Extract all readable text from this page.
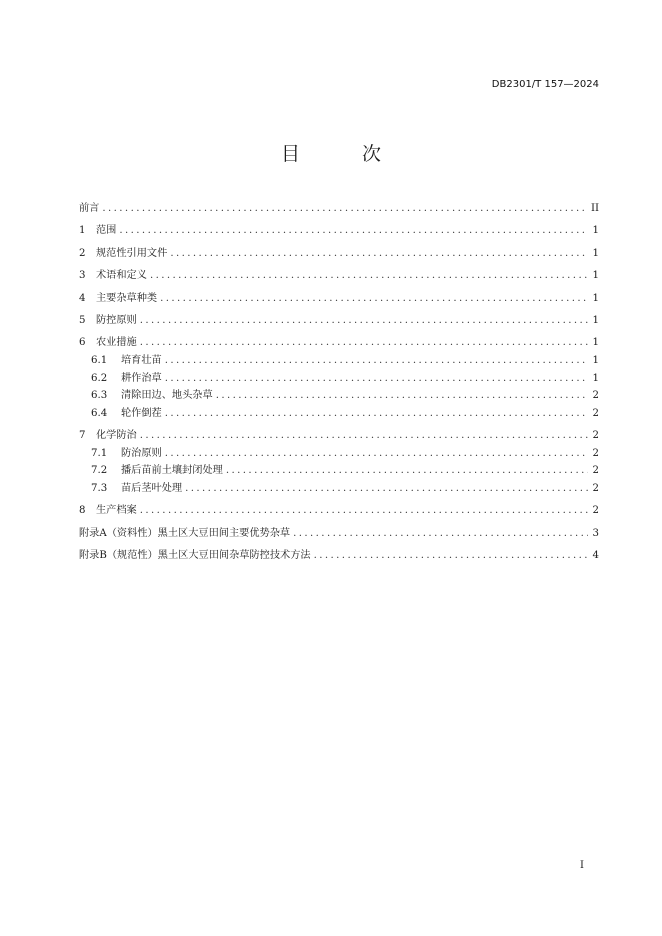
DB2301/T 157—2024
目 次
前言 .....	II
1	范围 .....	1
2	规范性引用文件 .....	1
3	术语和定义 .....	1
4	主要杂草种类 .....	1
5	防控原则 .....	1
6	农业措施 .....	1
6.1	培育壮苗 .....	1
6.2	耕作治草 .....	1
6.3	清除田边、地头杂草 .....	2
6.4	轮作倒茬 .....	2
7	化学防治 .....	2
7.1	防治原则 .....	2
7.2	播后苗前土壤封闭处理 .....	2
7.3	苗后茎叶处理 .....	2
8	生产档案 .....	2
附录A（资料性）黑土区大豆田间主要优势杂草 .....	3
附录B（规范性）黑土区大豆田间杂草防控技术方法 .....	4
I
